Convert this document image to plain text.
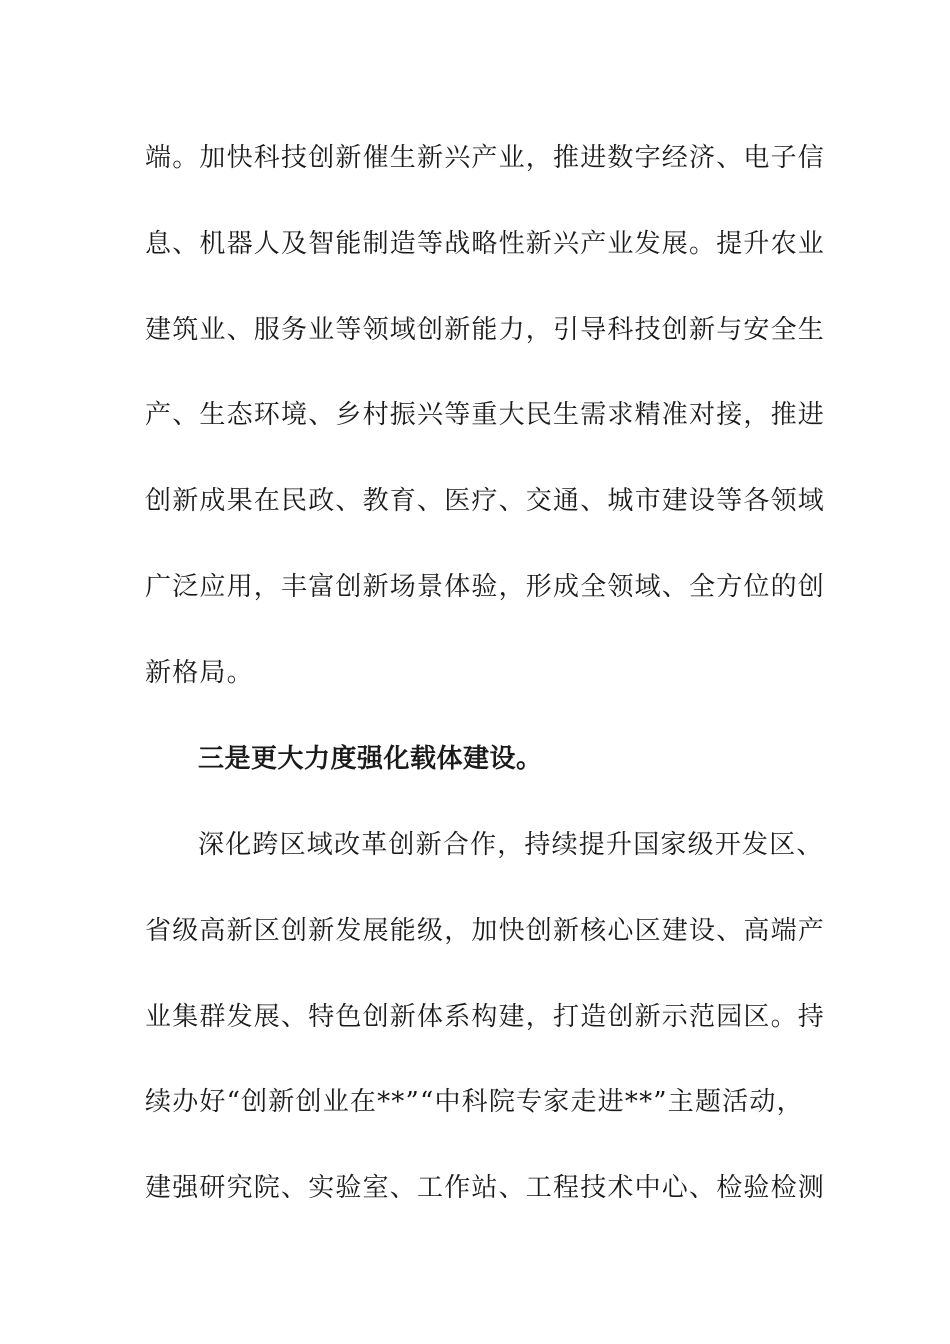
端。加快科技创新催生新兴产业，推进数字经济、电子信
息、机器人及智能制造等战略性新兴产业发展。提升农业
建筑业、服务业等领域创新能力，引导科技创新与安全生
产、生态环境、乡村振兴等重大民生需求精准对接，推进
创新成果在民政、教育、医疗、交通、城市建设等各领域
广泛应用，丰富创新场景体验，形成全领域、全方位的创
新格局。
三是更大力度强化载体建设。
深化跨区域改革创新合作，持续提升国家级开发区、
省级高新区创新发展能级，加快创新核心区建设、高端产
业集群发展、特色创新体系构建，打造创新示范园区。持
续办好“创新创业在**”“中科院专家走进**”主题活动，
建强研究院、实验室、工作站、工程技术中心、检验检测
